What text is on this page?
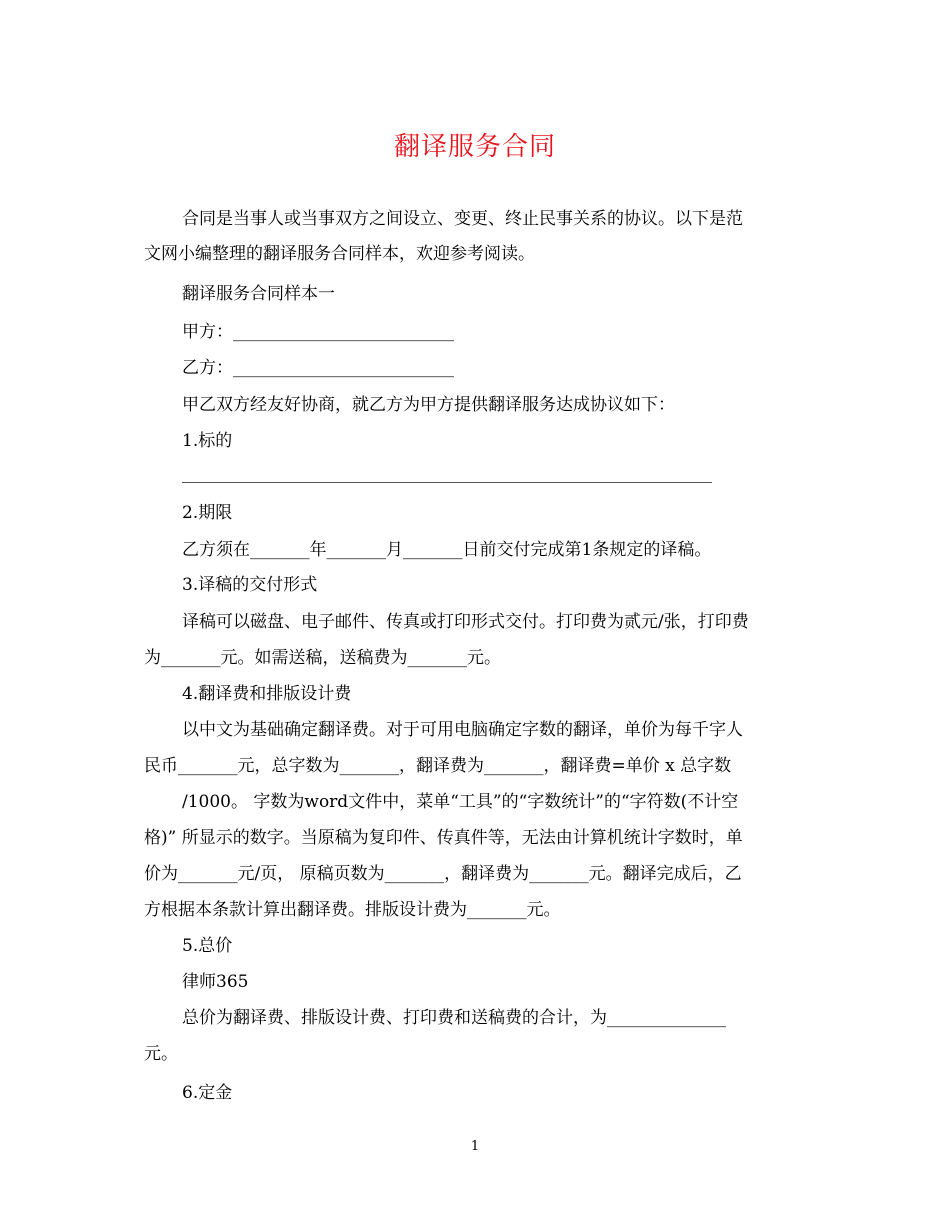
翻译服务合同
合同是当事人或当事双方之间设立、变更、终止民事关系的协议。以下是范
文网小编整理的翻译服务合同样本，欢迎参考阅读。
翻译服务合同样本一
甲方：__________________________
乙方：__________________________
甲乙双方经友好协商，就乙方为甲方提供翻译服务达成协议如下：
1.标的
2.期限
乙方须在_______年_______月_______日前交付完成第1条规定的译稿。
3.译稿的交付形式
译稿可以磁盘、电子邮件、传真或打印形式交付。打印费为贰元/张，打印费
为_______元。如需送稿，送稿费为_______元。
4.翻译费和排版设计费
以中文为基础确定翻译费。对于可用电脑确定字数的翻译，单价为每千字人
民币_______元，总字数为_______，翻译费为_______，翻译费=单价 x 总字数
/1000。 字数为word文件中，菜单“工具”的“字数统计”的“字符数(不计空
格)” 所显示的数字。当原稿为复印件、传真件等，无法由计算机统计字数时，单
价为_______元/页， 原稿页数为_______，翻译费为_______元。翻译完成后，乙
方根据本条款计算出翻译费。排版设计费为_______元。
5.总价
律师365
总价为翻译费、排版设计费、打印费和送稿费的合计，为______________
元。
6.定金
1
